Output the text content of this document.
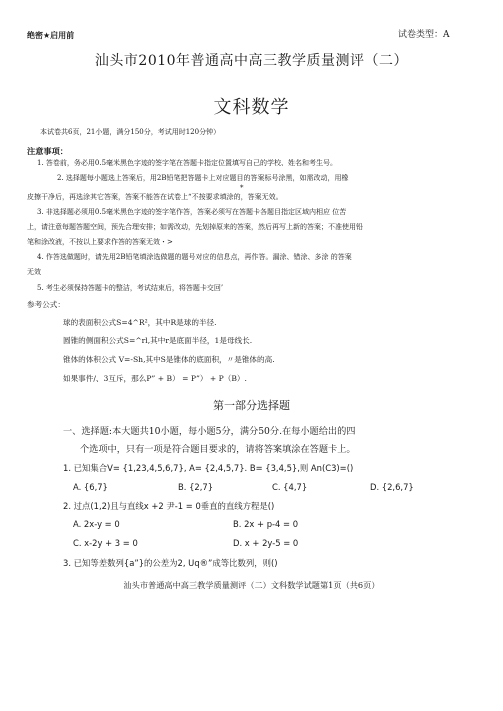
绝密★启用前	试卷类型：A
汕头市2010年普通高中高三教学质量测评（二）
文科数学
本试卷共6页，21小题，满分150分，考试用时120分钟）
注意事项：
1. 答卷前，务必用0.5毫米黑色字迹的签字笔在答题卡指定位置填写自己的学校、姓名和考生号。
2. 选择题每小题选上答案后，用2B铅笔把答题卡上对应题目的答案标号涂黑，如需改动，用橡
*
皮擦干净后，再选涂其它答案，答案不能答在试卷上“不按要求填涂的，答案无效。
3. 非选择题必须用0.5毫米黑色字迹的签字笔作答，答案必须写在答题卡各题目指定区域内相应 位苦
上，请注意每题答题空间，预先合理安排；如需改动，先划掉原来的答案，然后再写上新的答案；不准使用铅
笔和涂改液，不按以上要求作答的答案无效・>
4. 作答选做题时，请先用2B铅笔填涂选做题的题号对应的信息点，再作答。漏涂、错涂、多涂 的答案
无效
5. 考生必须保持答题卡的整洁，考试结束后，将答题卡交回’
参考公式：
球的表面积公式S=4^R²，其中R是球的半径.
圆锥的侧面积公式S=^rl,其中r是底面半径，1是母线长.
锥体的体积公式 V=-Sh,其中S是锥体的底面积，〃是锥体的高.
如果事件/、3互斥，那么P” + B） = P”） + P（B）.
第一部分选择题
一、选择题:本大题共10小题，每小题5分，满分50分.在每小题给出的四
个选项中，只有一项是符合题目要求的，请将答案填涂在答题卡上。
1. 已知集合V= {1,23,4,5,6,7}, A= {2,4,5,7}. B= {3,4,5},则 An(C3)=()
A. {6,7}	B. {2,7}	C. {4,7}	D. {2,6,7}
2. 过点(1,2)且与直线x +2 尹-1 = 0垂直的直线方程是()
A. 2x-y = 0	B. 2x + p-4 = 0
C. x-2y + 3 = 0	D. x + 2y-5 = 0
3. 已知等差数列{a”}的公差为2, Uq®”成等比数列，则()
汕头市普通高中高三教学质量测评（二）文科数学试题第1页（共6页）
